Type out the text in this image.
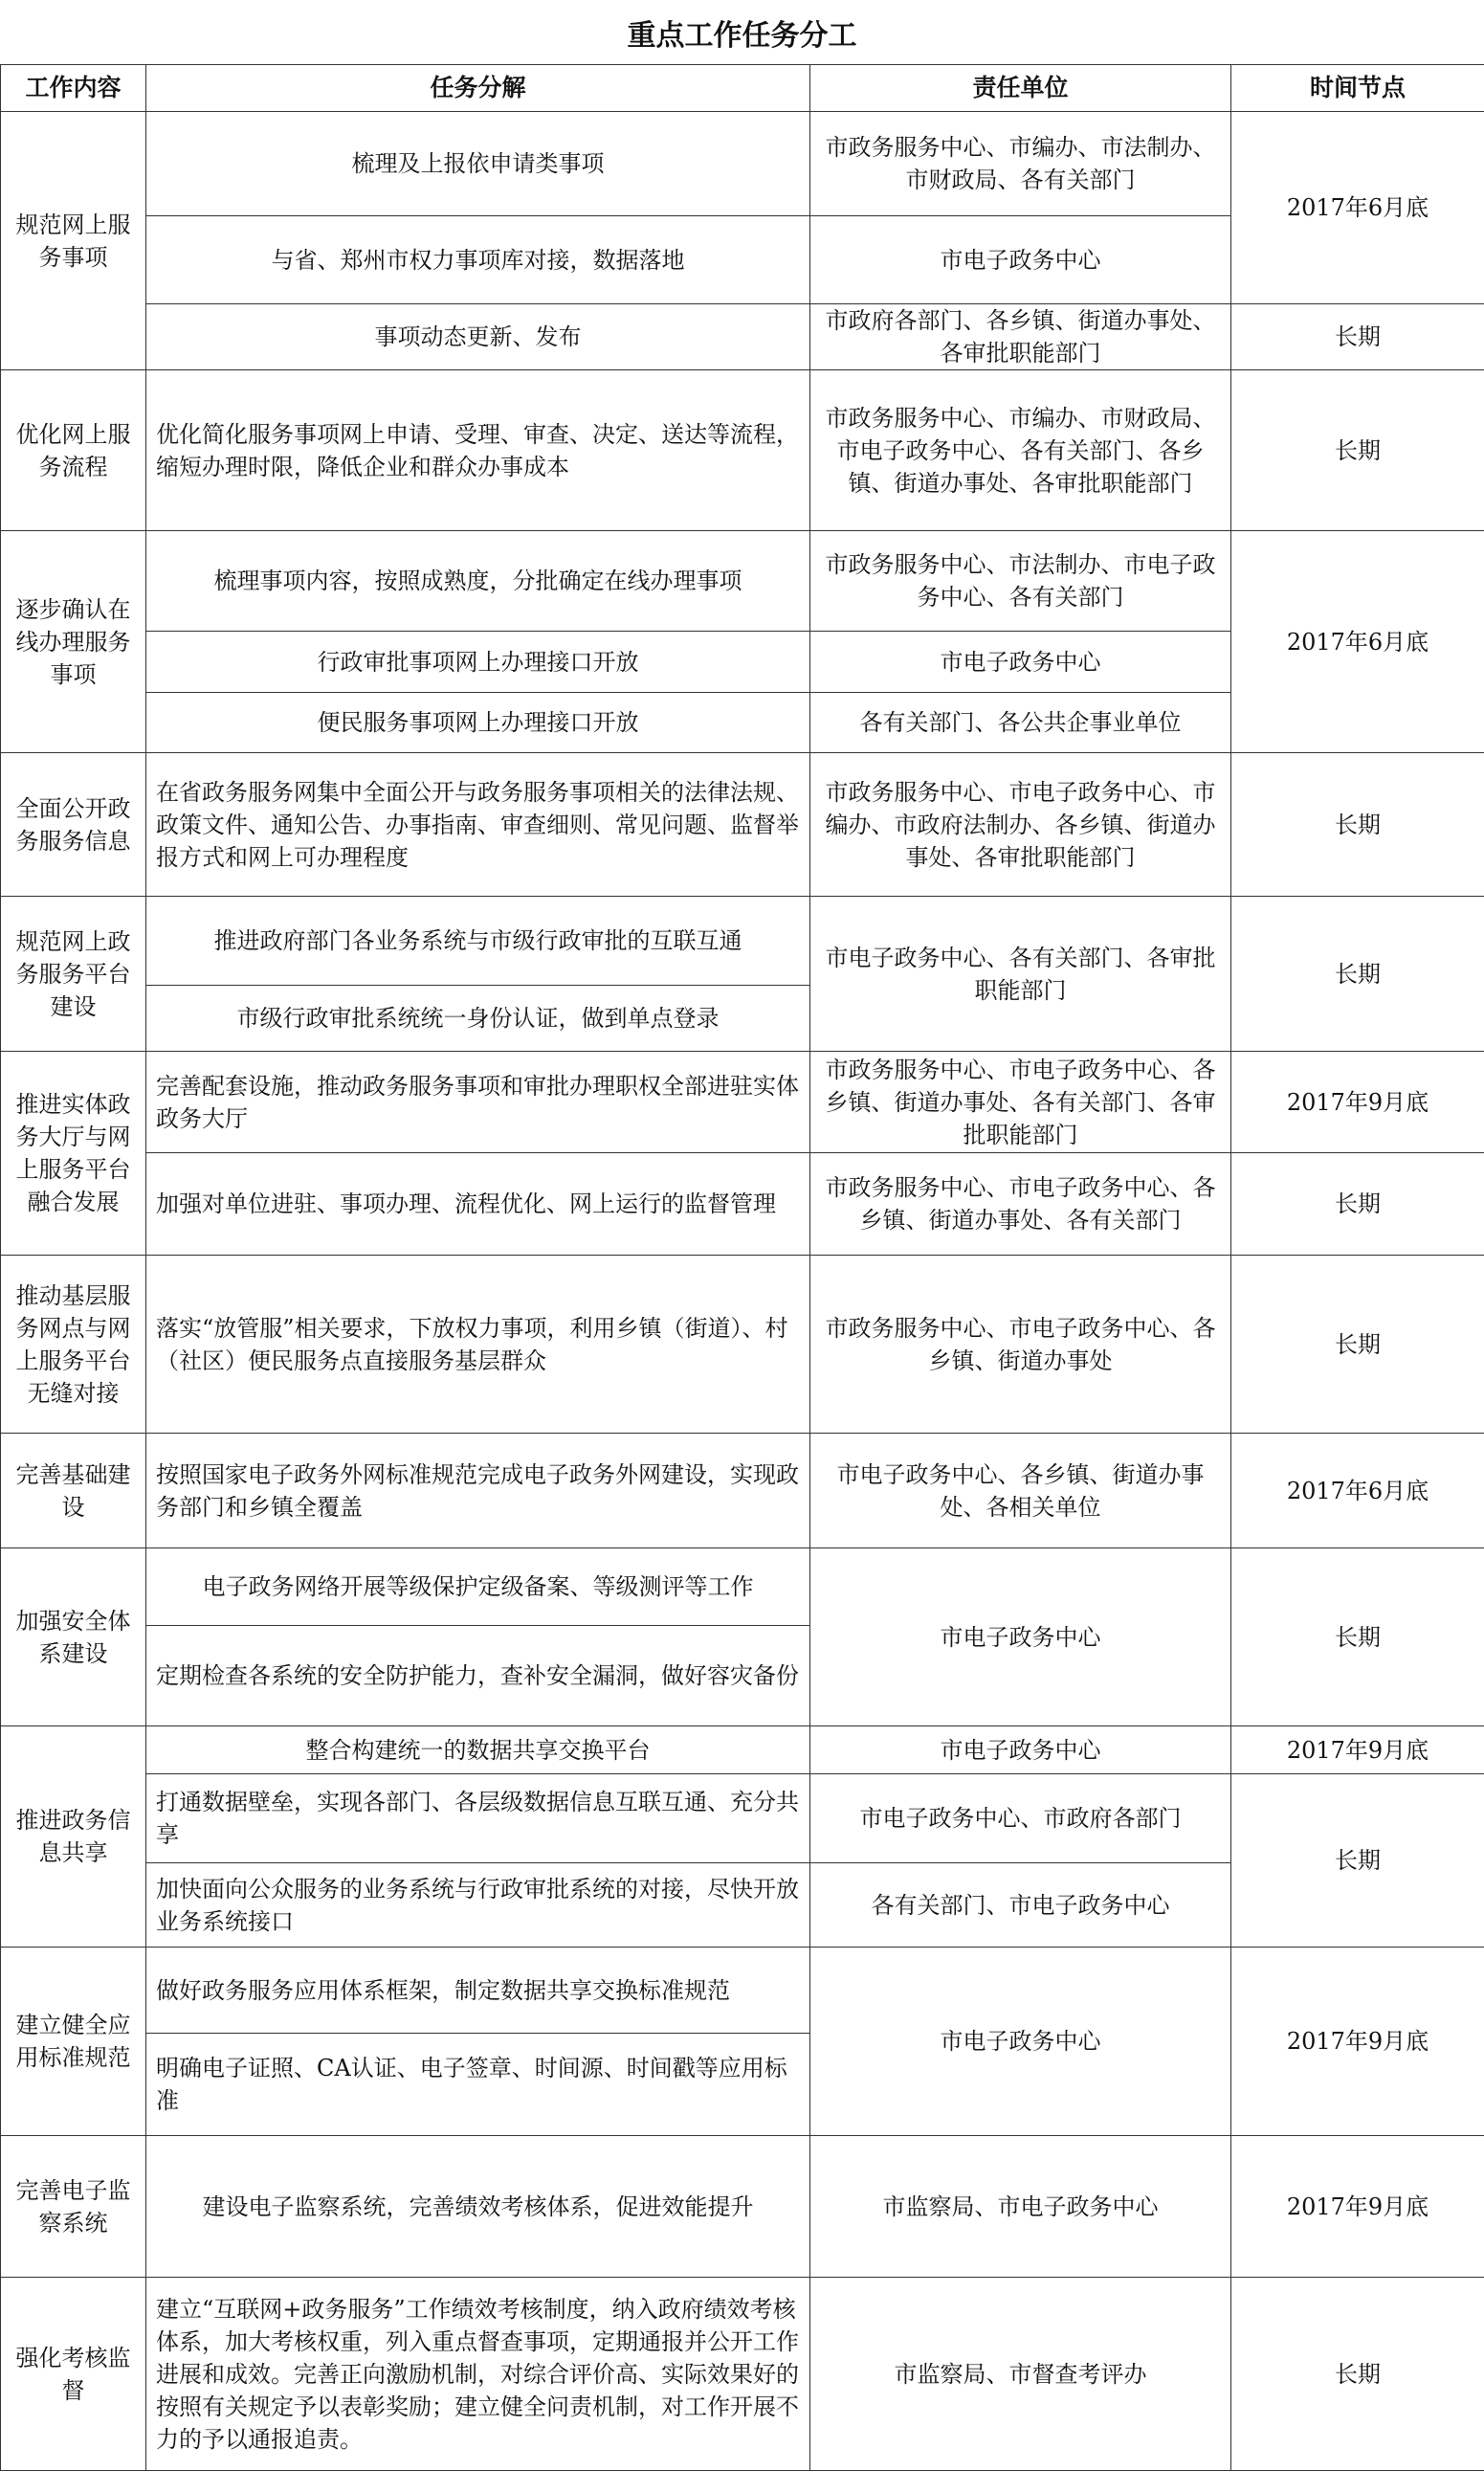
重点工作任务分工
工作内容	任务分解	责任单位	时间节点
规范网上服务事项	梳理及上报依申请类事项	市政务服务中心、市编办、市法制办、市财政局、各有关部门	2017年6月底
	与省、郑州市权力事项库对接，数据落地	市电子政务中心	
	事项动态更新、发布	市政府各部门、各乡镇、街道办事处、各审批职能部门	长期
优化网上服务流程	优化简化服务事项网上申请、受理、审查、决定、送达等流程，缩短办理时限，降低企业和群众办事成本	市政务服务中心、市编办、市财政局、市电子政务中心、各有关部门、各乡镇、街道办事处、各审批职能部门	长期
逐步确认在线办理服务事项	梳理事项内容，按照成熟度，分批确定在线办理事项	市政务服务中心、市法制办、市电子政务中心、各有关部门	2017年6月底
	行政审批事项网上办理接口开放	市电子政务中心	
	便民服务事项网上办理接口开放	各有关部门、各公共企事业单位	
全面公开政务服务信息	在省政务服务网集中全面公开与政务服务事项相关的法律法规、政策文件、通知公告、办事指南、审查细则、常见问题、监督举报方式和网上可办理程度	市政务服务中心、市电子政务中心、市编办、市政府法制办、各乡镇、街道办事处、各审批职能部门	长期
规范网上政务服务平台建设	推进政府部门各业务系统与市级行政审批的互联互通	市电子政务中心、各有关部门、各审批职能部门	长期
	市级行政审批系统统一身份认证，做到单点登录		
推进实体政务大厅与网上服务平台融合发展	完善配套设施，推动政务服务事项和审批办理职权全部进驻实体政务大厅	市政务服务中心、市电子政务中心、各乡镇、街道办事处、各有关部门、各审批职能部门	2017年9月底
	加强对单位进驻、事项办理、流程优化、网上运行的监督管理	市政务服务中心、市电子政务中心、各乡镇、街道办事处、各有关部门	长期
推动基层服务网点与网上服务平台无缝对接	落实“放管服”相关要求，下放权力事项，利用乡镇（街道）、村（社区）便民服务点直接服务基层群众	市政务服务中心、市电子政务中心、各乡镇、街道办事处	长期
完善基础建设	按照国家电子政务外网标准规范完成电子政务外网建设，实现政务部门和乡镇全覆盖	市电子政务中心、各乡镇、街道办事处、各相关单位	2017年6月底
加强安全体系建设	电子政务网络开展等级保护定级备案、等级测评等工作	市电子政务中心	长期
	定期检查各系统的安全防护能力，查补安全漏洞，做好容灾备份		
推进政务信息共享	整合构建统一的数据共享交换平台	市电子政务中心	2017年9月底
	打通数据壁垒，实现各部门、各层级数据信息互联互通、充分共享	市电子政务中心、市政府各部门	长期
	加快面向公众服务的业务系统与行政审批系统的对接，尽快开放业务系统接口	各有关部门、市电子政务中心	
建立健全应用标准规范	做好政务服务应用体系框架，制定数据共享交换标准规范	市电子政务中心	2017年9月底
	明确电子证照、CA认证、电子签章、时间源、时间戳等应用标准		
完善电子监察系统	建设电子监察系统，完善绩效考核体系，促进效能提升	市监察局、市电子政务中心	2017年9月底
强化考核监督	建立“互联网+政务服务”工作绩效考核制度，纳入政府绩效考核体系，加大考核权重，列入重点督查事项，定期通报并公开工作进展和成效。完善正向激励机制，对综合评价高、实际效果好的按照有关规定予以表彰奖励；建立健全问责机制，对工作开展不力的予以通报追责。	市监察局、市督查考评办	长期
